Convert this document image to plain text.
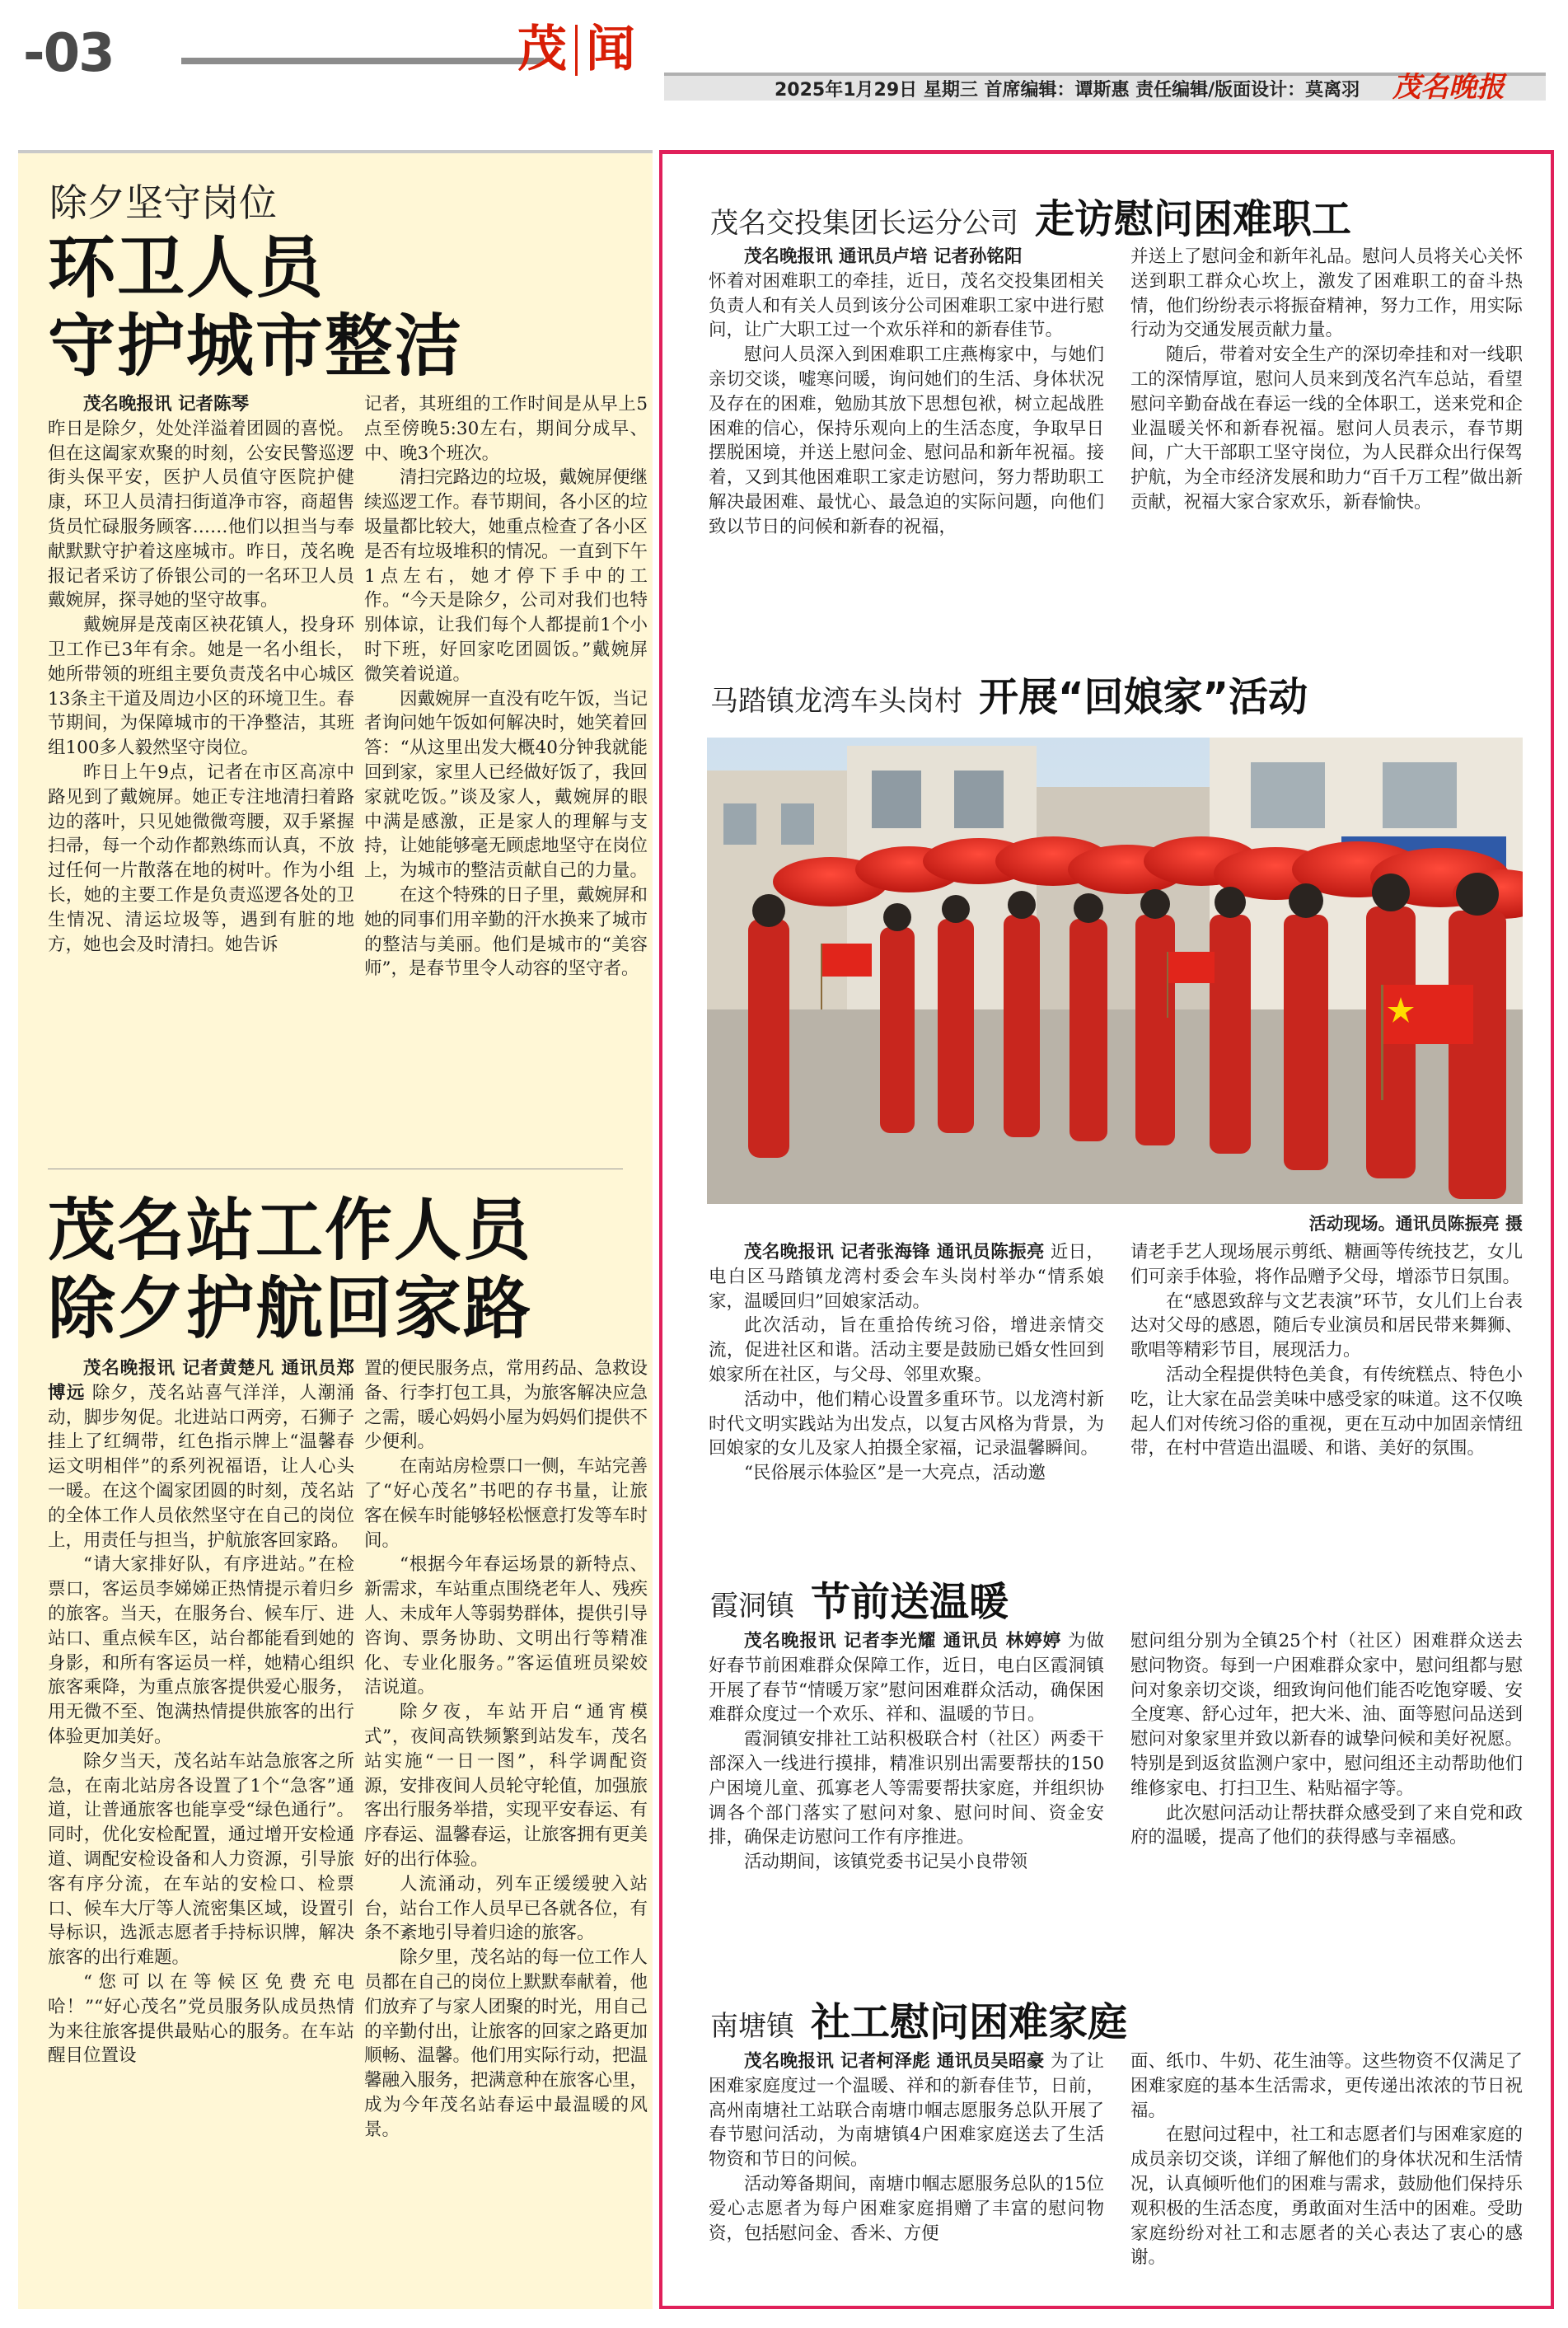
-03	茂 闻
2025年1月29日 星期三 首席编辑：谭斯惠 责任编辑/版面设计：莫离羽 茂名晚报
除夕坚守岗位
环卫人员
守护城市整洁

茂名晚报讯 记者陈琴

昨日是除夕，处处洋溢着团圆的喜悦。但在这阖家欢聚的时刻，公安民警巡逻街头保平安，医护人员值守医院护健康，环卫人员清扫街道净市容，商超售货员忙碌服务顾客……他们以担当与奉献默默守护着这座城市。昨日，茂名晚报记者采访了侨银公司的一名环卫人员戴婉屏，探寻她的坚守故事。

戴婉屏是茂南区袂花镇人，投身环卫工作已3年有余。她是一名小组长，她所带领的班组主要负责茂名中心城区13条主干道及周边小区的环境卫生。春节期间，为保障城市的干净整洁，其班组100多人毅然坚守岗位。

昨日上午9点，记者在市区高凉中路见到了戴婉屏。她正专注地清扫着路边的落叶，只见她微微弯腰，双手紧握扫帚，每一个动作都熟练而认真，不放过任何一片散落在地的树叶。作为小组长，她的主要工作是负责巡逻各处的卫生情况、清运垃圾等，遇到有脏的地方，她也会及时清扫。她告诉

记者，其班组的工作时间是从早上5点至傍晚5:30左右，期间分成早、中、晚3个班次。

清扫完路边的垃圾，戴婉屏便继续巡逻工作。春节期间，各小区的垃圾量都比较大，她重点检查了各小区是否有垃圾堆积的情况。一直到下午1点左右，她才停下手中的工作。“今天是除夕，公司对我们也特别体谅，让我们每个人都提前1个小时下班，好回家吃团圆饭。”戴婉屏微笑着说道。

因戴婉屏一直没有吃午饭，当记者询问她午饭如何解决时，她笑着回答：“从这里出发大概40分钟我就能回到家，家里人已经做好饭了，我回家就吃饭。”谈及家人，戴婉屏的眼中满是感激，正是家人的理解与支持，让她能够毫无顾虑地坚守在岗位上，为城市的整洁贡献自己的力量。

在这个特殊的日子里，戴婉屏和她的同事们用辛勤的汗水换来了城市的整洁与美丽。他们是城市的“美容师”，是春节里令人动容的坚守者。

茂名站工作人员
除夕护航回家路

茂名晚报讯 记者黄楚凡 通讯员郑博远 除夕，茂名站喜气洋洋，人潮涌动，脚步匆促。北进站口两旁，石狮子挂上了红绸带，红色指示牌上“温馨春运文明相伴”的系列祝福语，让人心头一暖。在这个阖家团圆的时刻，茂名站的全体工作人员依然坚守在自己的岗位上，用责任与担当，护航旅客回家路。

“请大家排好队，有序进站。”在检票口，客运员李娣娣正热情提示着归乡的旅客。当天，在服务台、候车厅、进站口、重点候车区，站台都能看到她的身影，和所有客运员一样，她精心组织旅客乘降，为重点旅客提供爱心服务，用无微不至、饱满热情提供旅客的出行体验更加美好。

除夕当天，茂名站车站急旅客之所急，在南北站房各设置了1个“急客”通道，让普通旅客也能享受“绿色通行”。同时，优化安检配置，通过增开安检通道、调配安检设备和人力资源，引导旅客有序分流，在车站的安检口、检票口、候车大厅等人流密集区域，设置引导标识，选派志愿者手持标识牌，解决旅客的出行难题。

“您可以在等候区免费充电哈！”“好心茂名”党员服务队成员热情为来往旅客提供最贴心的服务。在车站醒目位置设

置的便民服务点，常用药品、急救设备、行李打包工具，为旅客解决应急之需，暖心妈妈小屋为妈妈们提供不少便利。

在南站房检票口一侧，车站完善了“好心茂名”书吧的存书量，让旅客在候车时能够轻松惬意打发等车时间。

“根据今年春运场景的新特点、新需求，车站重点围绕老年人、残疾人、未成年人等弱势群体，提供引导咨询、票务协助、文明出行等精准化、专业化服务。”客运值班员梁姣洁说道。

除夕夜，车站开启“通宵模式”，夜间高铁频繁到站发车，茂名站实施“一日一图”，科学调配资源，安排夜间人员轮守轮值，加强旅客出行服务举措，实现平安春运、有序春运、温馨春运，让旅客拥有更美好的出行体验。

人流涌动，列车正缓缓驶入站台，站台工作人员早已各就各位，有条不紊地引导着归途的旅客。

除夕里，茂名站的每一位工作人员都在自己的岗位上默默奉献着，他们放弃了与家人团聚的时光，用自己的辛勤付出，让旅客的回家之路更加顺畅、温馨。他们用实际行动，把温馨融入服务，把满意种在旅客心里，成为今年茂名站春运中最温暖的风景。

茂名交投集团长运分公司 走访慰问困难职工

茂名晚报讯 通讯员卢培 记者孙铭阳

怀着对困难职工的牵挂，近日，茂名交投集团相关负责人和有关人员到该分公司困难职工家中进行慰问，让广大职工过一个欢乐祥和的新春佳节。

慰问人员深入到困难职工庄燕梅家中，与她们亲切交谈，嘘寒问暖，询问她们的生活、身体状况及存在的困难，勉励其放下思想包袱，树立起战胜困难的信心，保持乐观向上的生活态度，争取早日摆脱困境，并送上慰问金、慰问品和新年祝福。接着，又到其他困难职工家走访慰问，努力帮助职工解决最困难、最忧心、最急迫的实际问题，向他们致以节日的问候和新春的祝福，

并送上了慰问金和新年礼品。慰问人员将关心关怀送到职工群众心坎上，激发了困难职工的奋斗热情，他们纷纷表示将振奋精神，努力工作，用实际行动为交通发展贡献力量。

随后，带着对安全生产的深切牵挂和对一线职工的深情厚谊，慰问人员来到茂名汽车总站，看望慰问辛勤奋战在春运一线的全体职工，送来党和企业温暖关怀和新春祝福。慰问人员表示，春节期间，广大干部职工坚守岗位，为人民群众出行保驾护航，为全市经济发展和助力“百千万工程”做出新贡献，祝福大家合家欢乐，新春愉快。

马踏镇龙湾车头岗村 开展“回娘家”活动
活动现场。通讯员陈振亮 摄

茂名晚报讯 记者张海锋 通讯员陈振亮 近日，电白区马踏镇龙湾村委会车头岗村举办“情系娘家，温暖回归”回娘家活动。

此次活动，旨在重拾传统习俗，增进亲情交流，促进社区和谐。活动主要是鼓励已婚女性回到娘家所在社区，与父母、邻里欢聚。

活动中，他们精心设置多重环节。以龙湾村新时代文明实践站为出发点，以复古风格为背景，为回娘家的女儿及家人拍摄全家福，记录温馨瞬间。

“民俗展示体验区”是一大亮点，活动邀

请老手艺人现场展示剪纸、糖画等传统技艺，女儿们可亲手体验，将作品赠予父母，增添节日氛围。

在“感恩致辞与文艺表演”环节，女儿们上台表达对父母的感恩，随后专业演员和居民带来舞狮、歌唱等精彩节目，展现活力。

活动全程提供特色美食，有传统糕点、特色小吃，让大家在品尝美味中感受家的味道。这不仅唤起人们对传统习俗的重视，更在互动中加固亲情纽带，在村中营造出温暖、和谐、美好的氛围。

霞洞镇 节前送温暖

茂名晚报讯 记者李光耀 通讯员 林婷婷 为做好春节前困难群众保障工作，近日，电白区霞洞镇开展了春节“情暖万家”慰问困难群众活动，确保困难群众度过一个欢乐、祥和、温暖的节日。

霞洞镇安排社工站积极联合村（社区）两委干部深入一线进行摸排，精准识别出需要帮扶的150户困境儿童、孤寡老人等需要帮扶家庭，并组织协调各个部门落实了慰问对象、慰问时间、资金安排，确保走访慰问工作有序推进。

活动期间，该镇党委书记吴小良带领

慰问组分别为全镇25个村（社区）困难群众送去慰问物资。每到一户困难群众家中，慰问组都与慰问对象亲切交谈，细致询问他们能否吃饱穿暖、安全度寒、舒心过年，把大米、油、面等慰问品送到慰问对象家里并致以新春的诚挚问候和美好祝愿。特别是到返贫监测户家中，慰问组还主动帮助他们维修家电、打扫卫生、粘贴福字等。

此次慰问活动让帮扶群众感受到了来自党和政府的温暖，提高了他们的获得感与幸福感。

南塘镇 社工慰问困难家庭

茂名晚报讯 记者柯泽彪 通讯员吴昭豪 为了让困难家庭度过一个温暖、祥和的新春佳节，日前，高州南塘社工站联合南塘巾帼志愿服务总队开展了春节慰问活动，为南塘镇4户困难家庭送去了生活物资和节日的问候。

活动筹备期间，南塘巾帼志愿服务总队的15位爱心志愿者为每户困难家庭捐赠了丰富的慰问物资，包括慰问金、香米、方便

面、纸巾、牛奶、花生油等。这些物资不仅满足了困难家庭的基本生活需求，更传递出浓浓的节日祝福。

在慰问过程中，社工和志愿者们与困难家庭的成员亲切交谈，详细了解他们的身体状况和生活情况，认真倾听他们的困难与需求，鼓励他们保持乐观积极的生活态度，勇敢面对生活中的困难。受助家庭纷纷对社工和志愿者的关心表达了衷心的感谢。
